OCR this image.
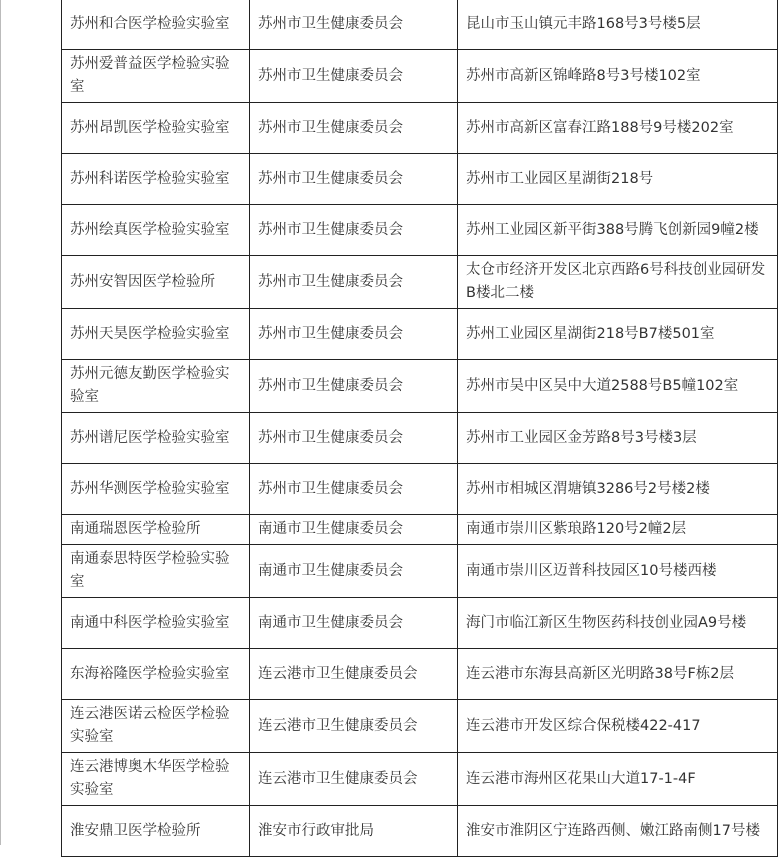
苏州和合医学检验实验室	苏州市卫生健康委员会	昆山市玉山镇元丰路168号3号楼5层
苏州爱普益医学检验实验室	苏州市卫生健康委员会	苏州市高新区锦峰路8号3号楼102室
苏州昂凯医学检验实验室	苏州市卫生健康委员会	苏州市高新区富春江路188号9号楼202室
苏州科诺医学检验实验室	苏州市卫生健康委员会	苏州市工业园区星湖街218号
苏州绘真医学检验实验室	苏州市卫生健康委员会	苏州工业园区新平街388号腾飞创新园9幢2楼
苏州安智因医学检验所	苏州市卫生健康委员会	太仓市经济开发区北京西路6号科技创业园研发B楼北二楼
苏州天昊医学检验实验室	苏州市卫生健康委员会	苏州工业园区星湖街218号B7楼501室
苏州元德友勤医学检验实验室	苏州市卫生健康委员会	苏州市吴中区吴中大道2588号B5幢102室
苏州谱尼医学检验实验室	苏州市卫生健康委员会	苏州市工业园区金芳路8号3号楼3层
苏州华测医学检验实验室	苏州市卫生健康委员会	苏州市相城区渭塘镇3286号2号楼2楼
南通瑞恩医学检验所	南通市卫生健康委员会	南通市崇川区紫琅路120号2幢2层
南通泰思特医学检验实验室	南通市卫生健康委员会	南通市崇川区迈普科技园区10号楼西楼
南通中科医学检验实验室	南通市卫生健康委员会	海门市临江新区生物医药科技创业园A9号楼
东海裕隆医学检验实验室	连云港市卫生健康委员会	连云港市东海县高新区光明路38号F栋2层
连云港医诺云检医学检验实验室	连云港市卫生健康委员会	连云港市开发区综合保税楼422-417
连云港博奥木华医学检验实验室	连云港市卫生健康委员会	连云港市海州区花果山大道17-1-4F
淮安鼎卫医学检验所	淮安市行政审批局	淮安市淮阴区宁连路西侧、嫩江路南侧17号楼
